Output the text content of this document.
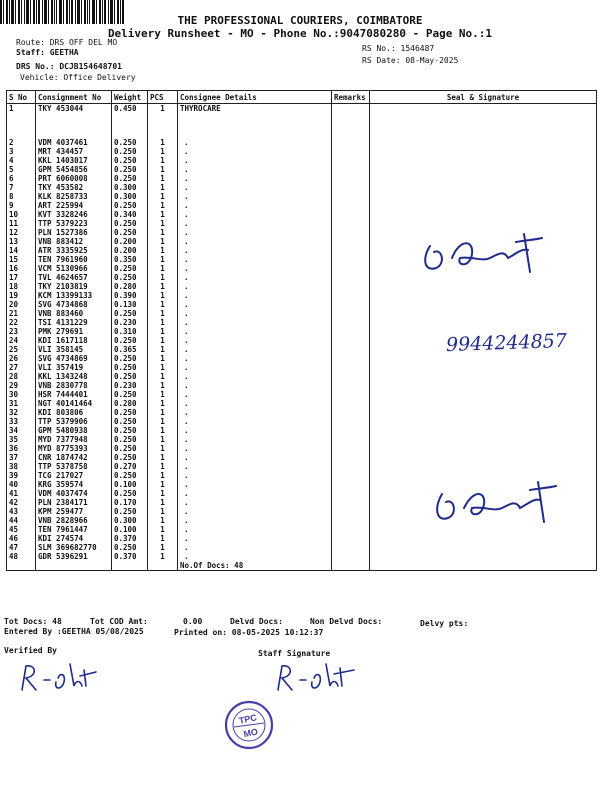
THE PROFESSIONAL COURIERS, COIMBATORE
Delivery Runsheet - MO - Phone No.:9047080280 - Page No.:1
Route: DRS OFF DEL MO
Staff: GEETHA
DRS No.: DCJB154648701
Vehicle: Office Delivery
RS No.: 1546487
RS Date: 08-May-2025
S No	Consignment No	Weight	PCS	Consignee Details	Remarks	Seal & Signature
1	TKY 453044	0.450	1	THYROCARE		
2	VDM 4037461	0.250	1	.		
3	MRT 434457	0.250	1	.		
4	KKL 1403017	0.250	1	.		
5	GPM 5454856	0.250	1	.		
6	PRT 6060008	0.250	1	.		
7	TKY 453582	0.300	1	.		
8	KLK 8258733	0.300	1	.		
9	ART 225994	0.250	1	.		
10	KVT 3328246	0.340	1	.		
11	TTP 5379223	0.250	1	.		
12	PLN 1527386	0.250	1	.		
13	VNB 883412	0.200	1	.		
14	ATR 3335925	0.200	1	.		
15	TEN 7961960	0.350	1	.		
16	VCM 5130966	0.250	1	.		
17	TVL 4624657	0.250	1	.		
18	TKY 2103819	0.280	1	.		
19	KCM 13399133	0.390	1	.		
20	SVG 4734868	0.130	1	.		
21	VNB 883460	0.250	1	.		
22	TSI 4131229	0.230	1	.		
23	PMK 279691	0.310	1	.		
24	KDI 1617118	0.250	1	.		
25	VLI 358145	0.365	1	.		
26	SVG 4734869	0.250	1	.		
27	VLI 357419	0.250	1	.		
28	KKL 1343248	0.250	1	.		
29	VNB 2830778	0.230	1	.		
30	HSR 7444401	0.250	1	.		
31	NGT 40141464	0.280	1	.		
32	KDI 803806	0.250	1	.		
33	TTP 5379906	0.250	1	.		
34	GPM 5480938	0.250	1	.		
35	MYD 7377948	0.250	1	.		
36	MYD 8775393	0.250	1	.		
37	CNR 1874742	0.250	1	.		
38	TTP 5378758	0.270	1	.		
39	TCG 217027	0.250	1	.		
40	KRG 359574	0.100	1	.		
41	VDM 4037474	0.250	1	.		
42	PLN 2384171	0.170	1	.		
43	KPM 259477	0.250	1	.		
44	VNB 2828966	0.300	1	.		
45	TEN 7961447	0.100	1	.		
46	KDI 274574	0.370	1	.		
47	SLM 369682770	0.250	1	.		
48	GDR 5396291	0.370	1	.		
				No.Of Docs: 48		
9944244857
Tot Docs: 48	Tot COD Amt:	0.00	Delvd Docs:	Non Delvd Docs:	Delvy pts:
Entered By :GEETHA 05/08/2025	Printed on: 08-05-2025 10:12:37
Verified By	Staff Signature
TPC
MO
